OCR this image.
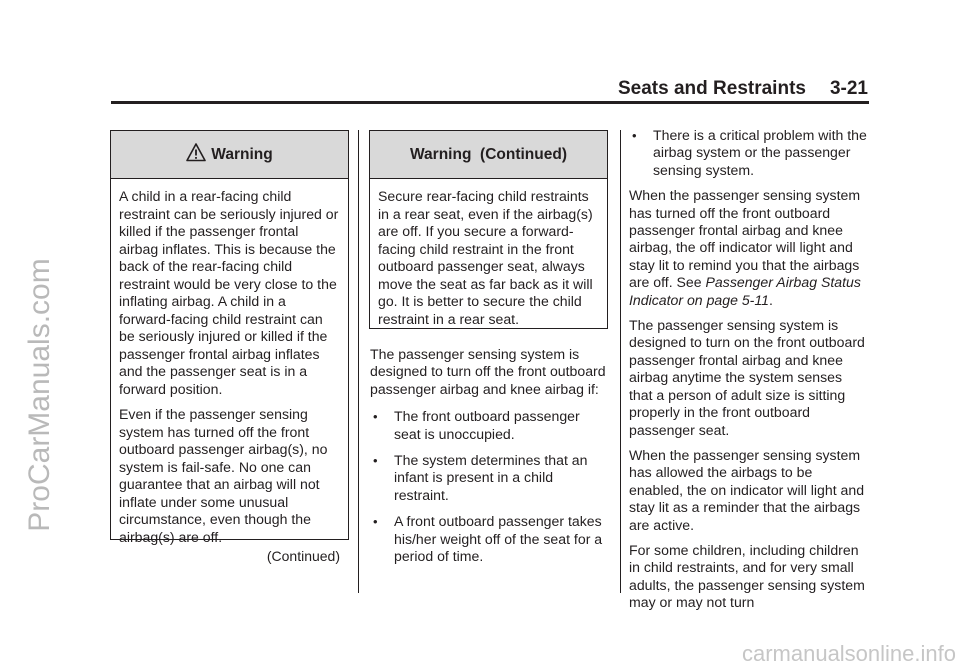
Seats and Restraints 3-21
ProCarManuals.com
Warning

A child in a rear-facing child restraint can be seriously injured or killed if the passenger frontal airbag inflates. This is because the back of the rear-facing child restraint would be very close to the inflating airbag. A child in a forward-facing child restraint can be seriously injured or killed if the passenger frontal airbag inflates and the passenger seat is in a forward position.

Even if the passenger sensing system has turned off the front outboard passenger airbag(s), no system is fail-safe. No one can guarantee that an airbag will not inflate under some unusual circumstance, even though the airbag(s) are off.

(Continued)
Warning  (Continued)

Secure rear-facing child restraints in a rear seat, even if the airbag(s) are off. If you secure a forward-facing child restraint in the front outboard passenger seat, always move the seat as far back as it will go. It is better to secure the child restraint in a rear seat.

The passenger sensing system is designed to turn off the front outboard passenger airbag and knee airbag if:

• The front outboard passenger seat is unoccupied.
• The system determines that an infant is present in a child restraint.
• A front outboard passenger takes his/her weight off of the seat for a period of time.
• There is a critical problem with the airbag system or the passenger sensing system.

When the passenger sensing system has turned off the front outboard passenger frontal airbag and knee airbag, the off indicator will light and stay lit to remind you that the airbags are off. See Passenger Airbag Status Indicator on page 5-11.

The passenger sensing system is designed to turn on the front outboard passenger frontal airbag and knee airbag anytime the system senses that a person of adult size is sitting properly in the front outboard passenger seat.

When the passenger sensing system has allowed the airbags to be enabled, the on indicator will light and stay lit as a reminder that the airbags are active.

For some children, including children in child restraints, and for very small adults, the passenger sensing system may or may not turn

carmanualsonline.info
